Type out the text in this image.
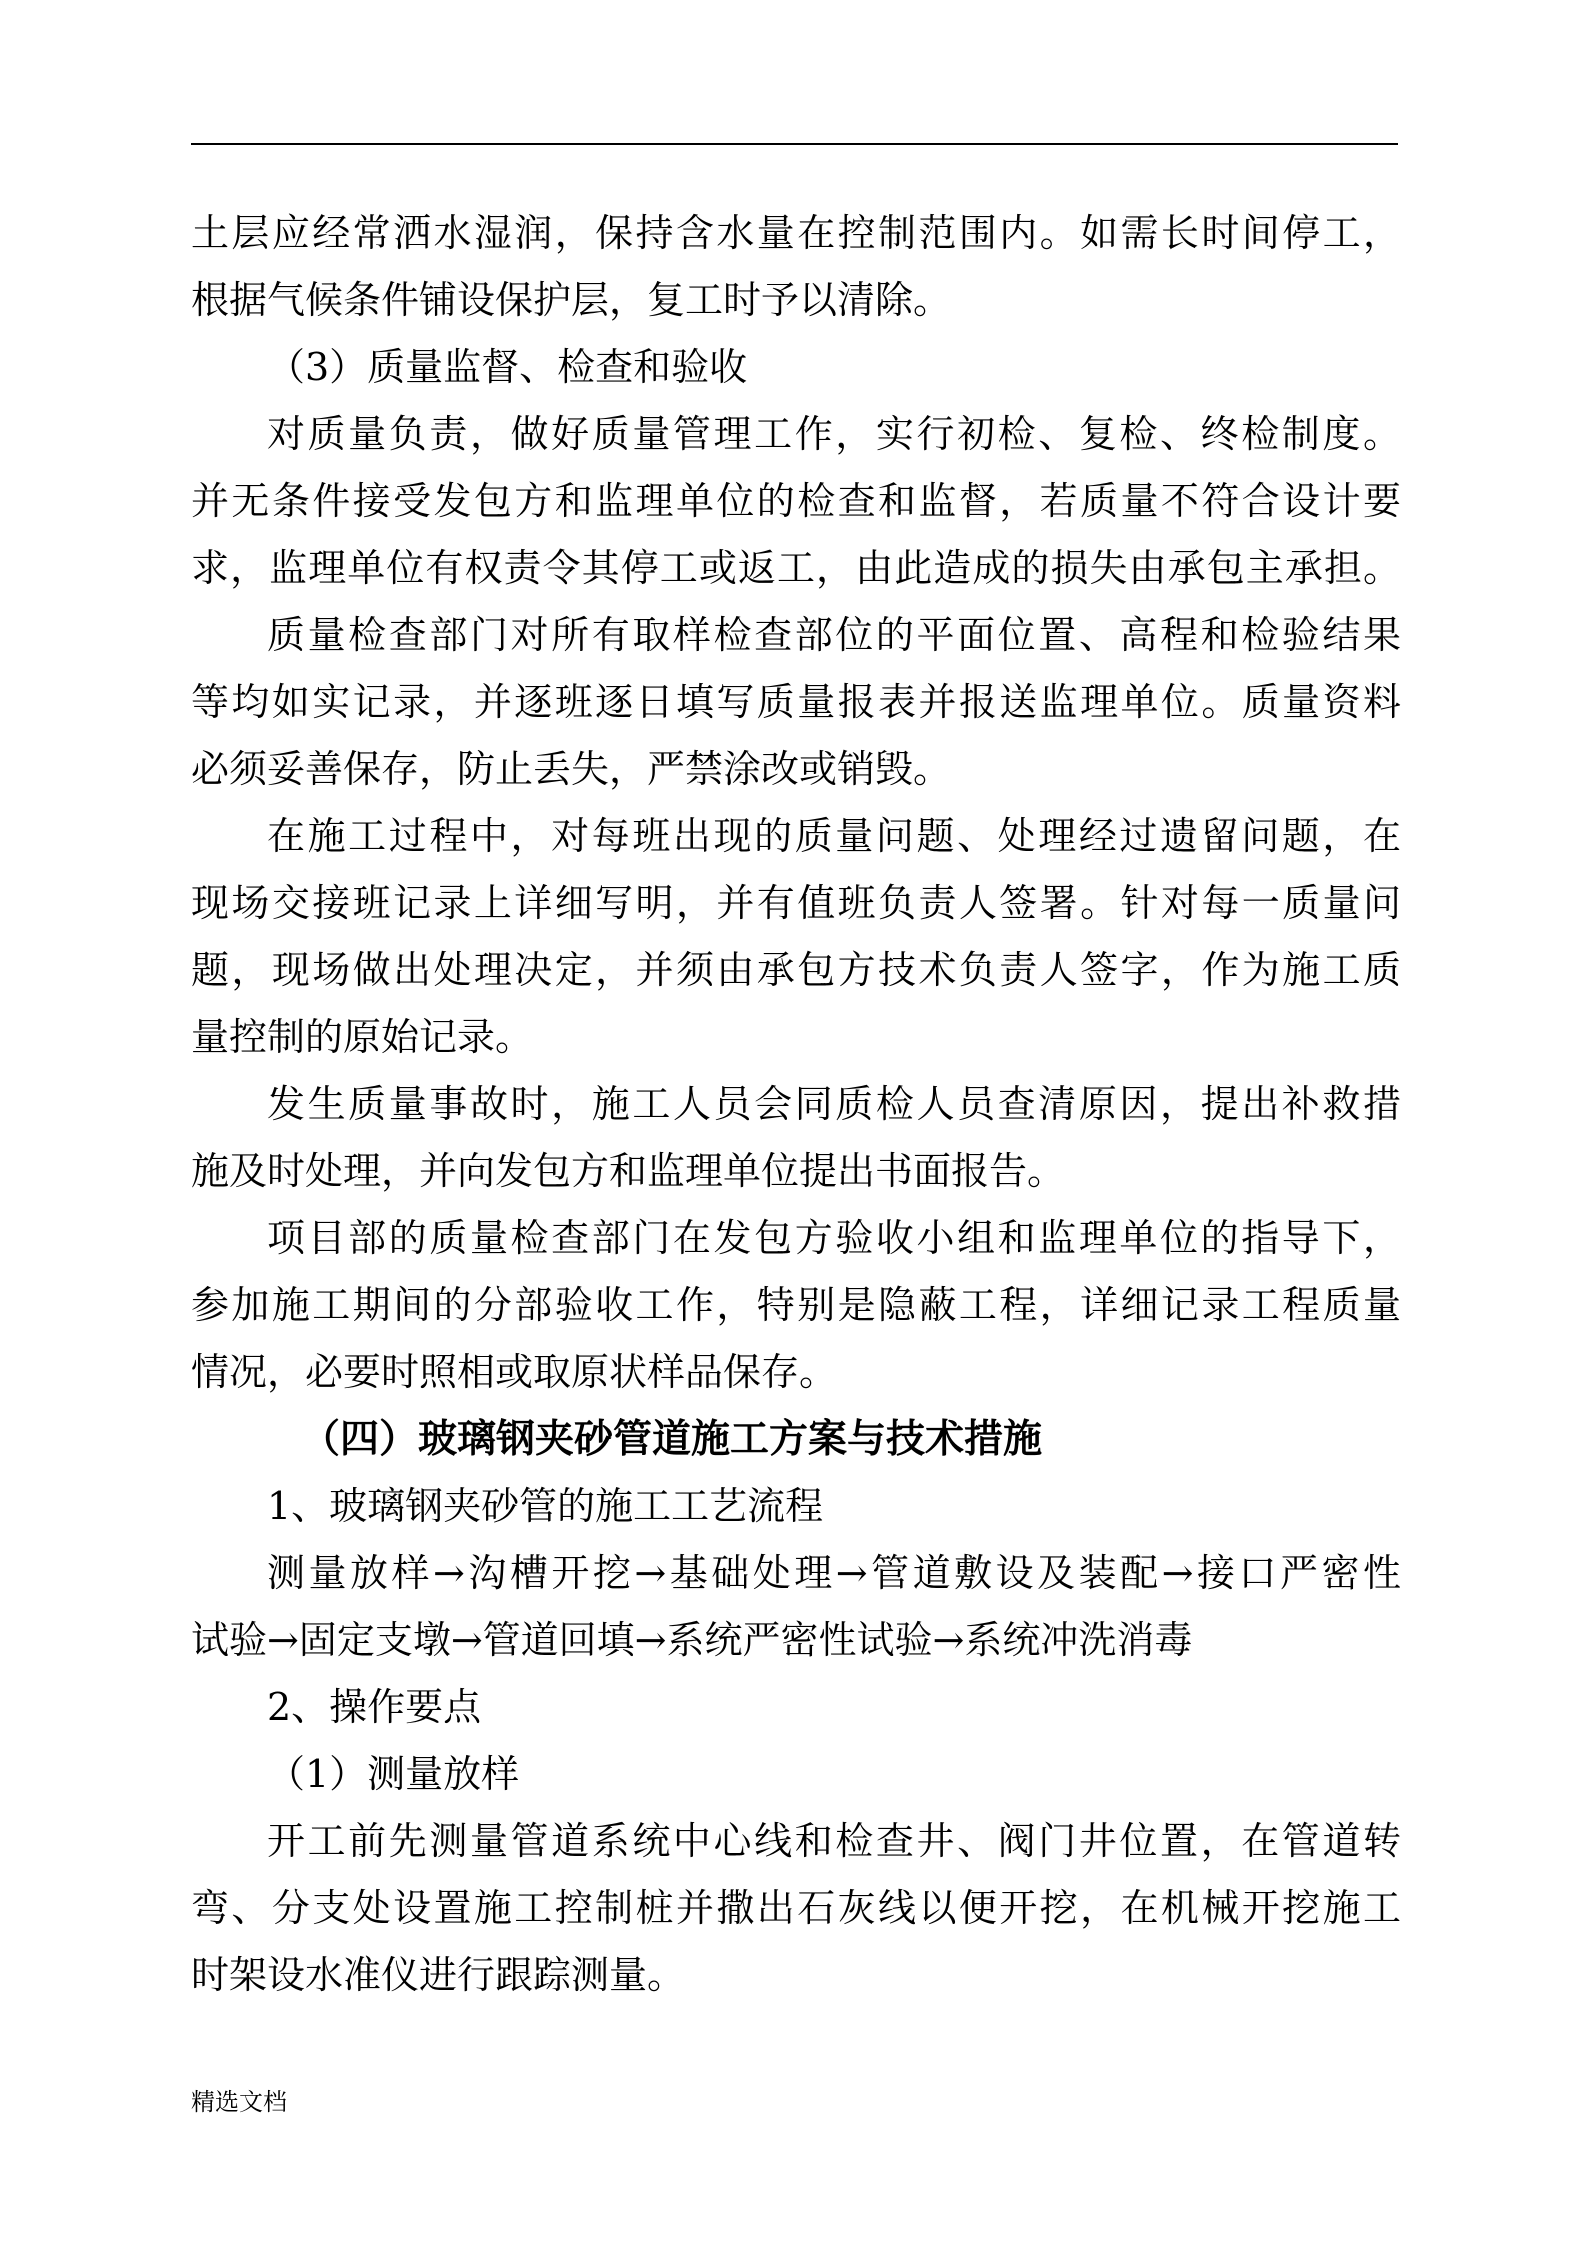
土层应经常洒水湿润，保持含水量在控制范围内。如需长时间停工，
根据气候条件铺设保护层，复工时予以清除。
（3）质量监督、检查和验收
对质量负责，做好质量管理工作，实行初检、复检、终检制度。
并无条件接受发包方和监理单位的检查和监督，若质量不符合设计要
求，监理单位有权责令其停工或返工，由此造成的损失由承包主承担。
质量检查部门对所有取样检查部位的平面位置、高程和检验结果
等均如实记录，并逐班逐日填写质量报表并报送监理单位。质量资料
必须妥善保存，防止丢失，严禁涂改或销毁。
在施工过程中，对每班出现的质量问题、处理经过遗留问题，在
现场交接班记录上详细写明，并有值班负责人签署。针对每一质量问
题，现场做出处理决定，并须由承包方技术负责人签字，作为施工质
量控制的原始记录。
发生质量事故时，施工人员会同质检人员查清原因，提出补救措
施及时处理，并向发包方和监理单位提出书面报告。
项目部的质量检查部门在发包方验收小组和监理单位的指导下，
参加施工期间的分部验收工作，特别是隐蔽工程，详细记录工程质量
情况，必要时照相或取原状样品保存。
（四）玻璃钢夹砂管道施工方案与技术措施
1、玻璃钢夹砂管的施工工艺流程
测量放样→沟槽开挖→基础处理→管道敷设及装配→接口严密性
试验→固定支墩→管道回填→系统严密性试验→系统冲洗消毒
2、操作要点
（1）测量放样
开工前先测量管道系统中心线和检查井、阀门井位置，在管道转
弯、分支处设置施工控制桩并撒出石灰线以便开挖，在机械开挖施工
时架设水准仪进行跟踪测量。
精选文档
